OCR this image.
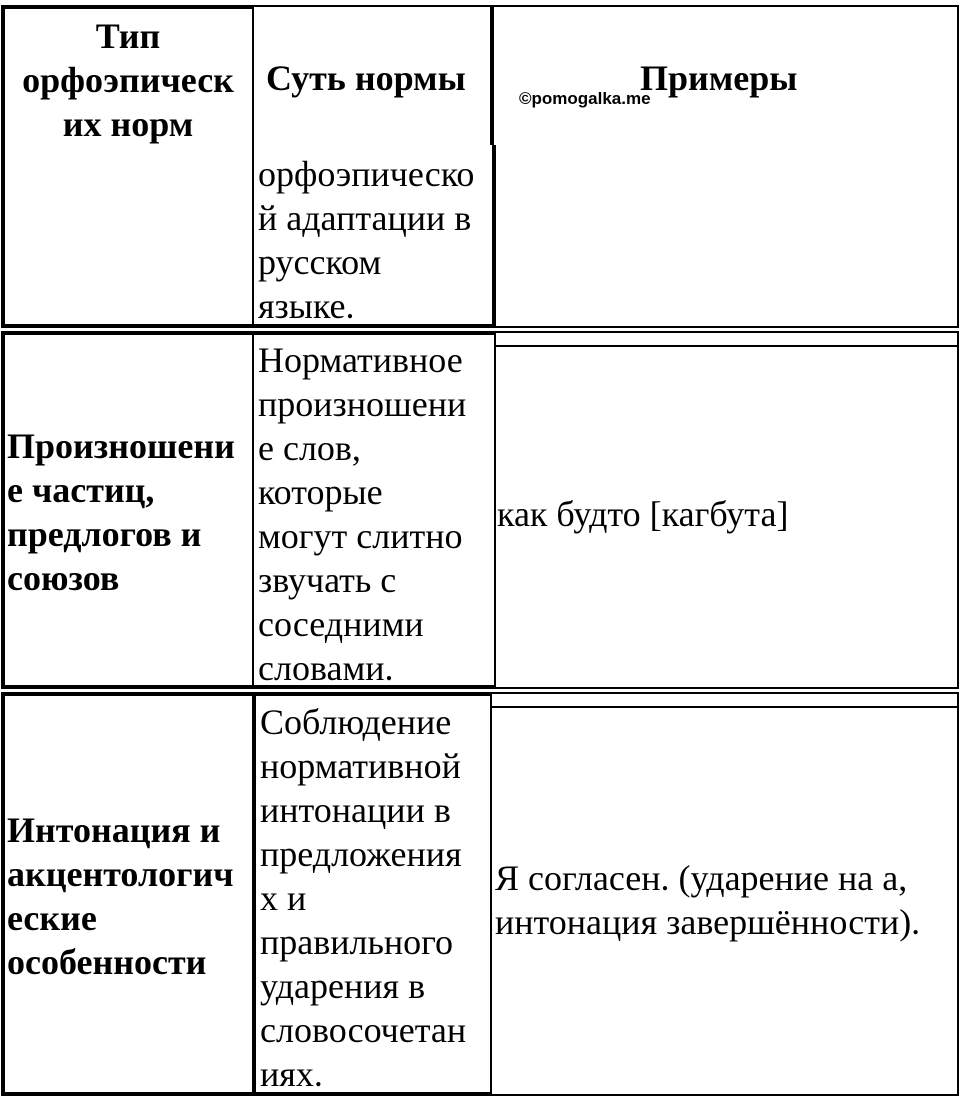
Тип
орфоэпическ
их норм
Суть нормы	Примеры
©pomogalka.me
орфоэпическо
й адаптации в
русском
языке.
Произношени
е частиц,
предлогов и
союзов
Нормативное
произношени
е слов,
которые
могут слитно
звучать с
соседними
словами.
как будто [кагбута]
Интонация и
акцентологич
еские
особенности
Соблюдение
нормативной
интонации в
предложения
х и
правильного
ударения в
словосочетан
иях.
Я согласен. (ударение на а,
интонация завершённости).
